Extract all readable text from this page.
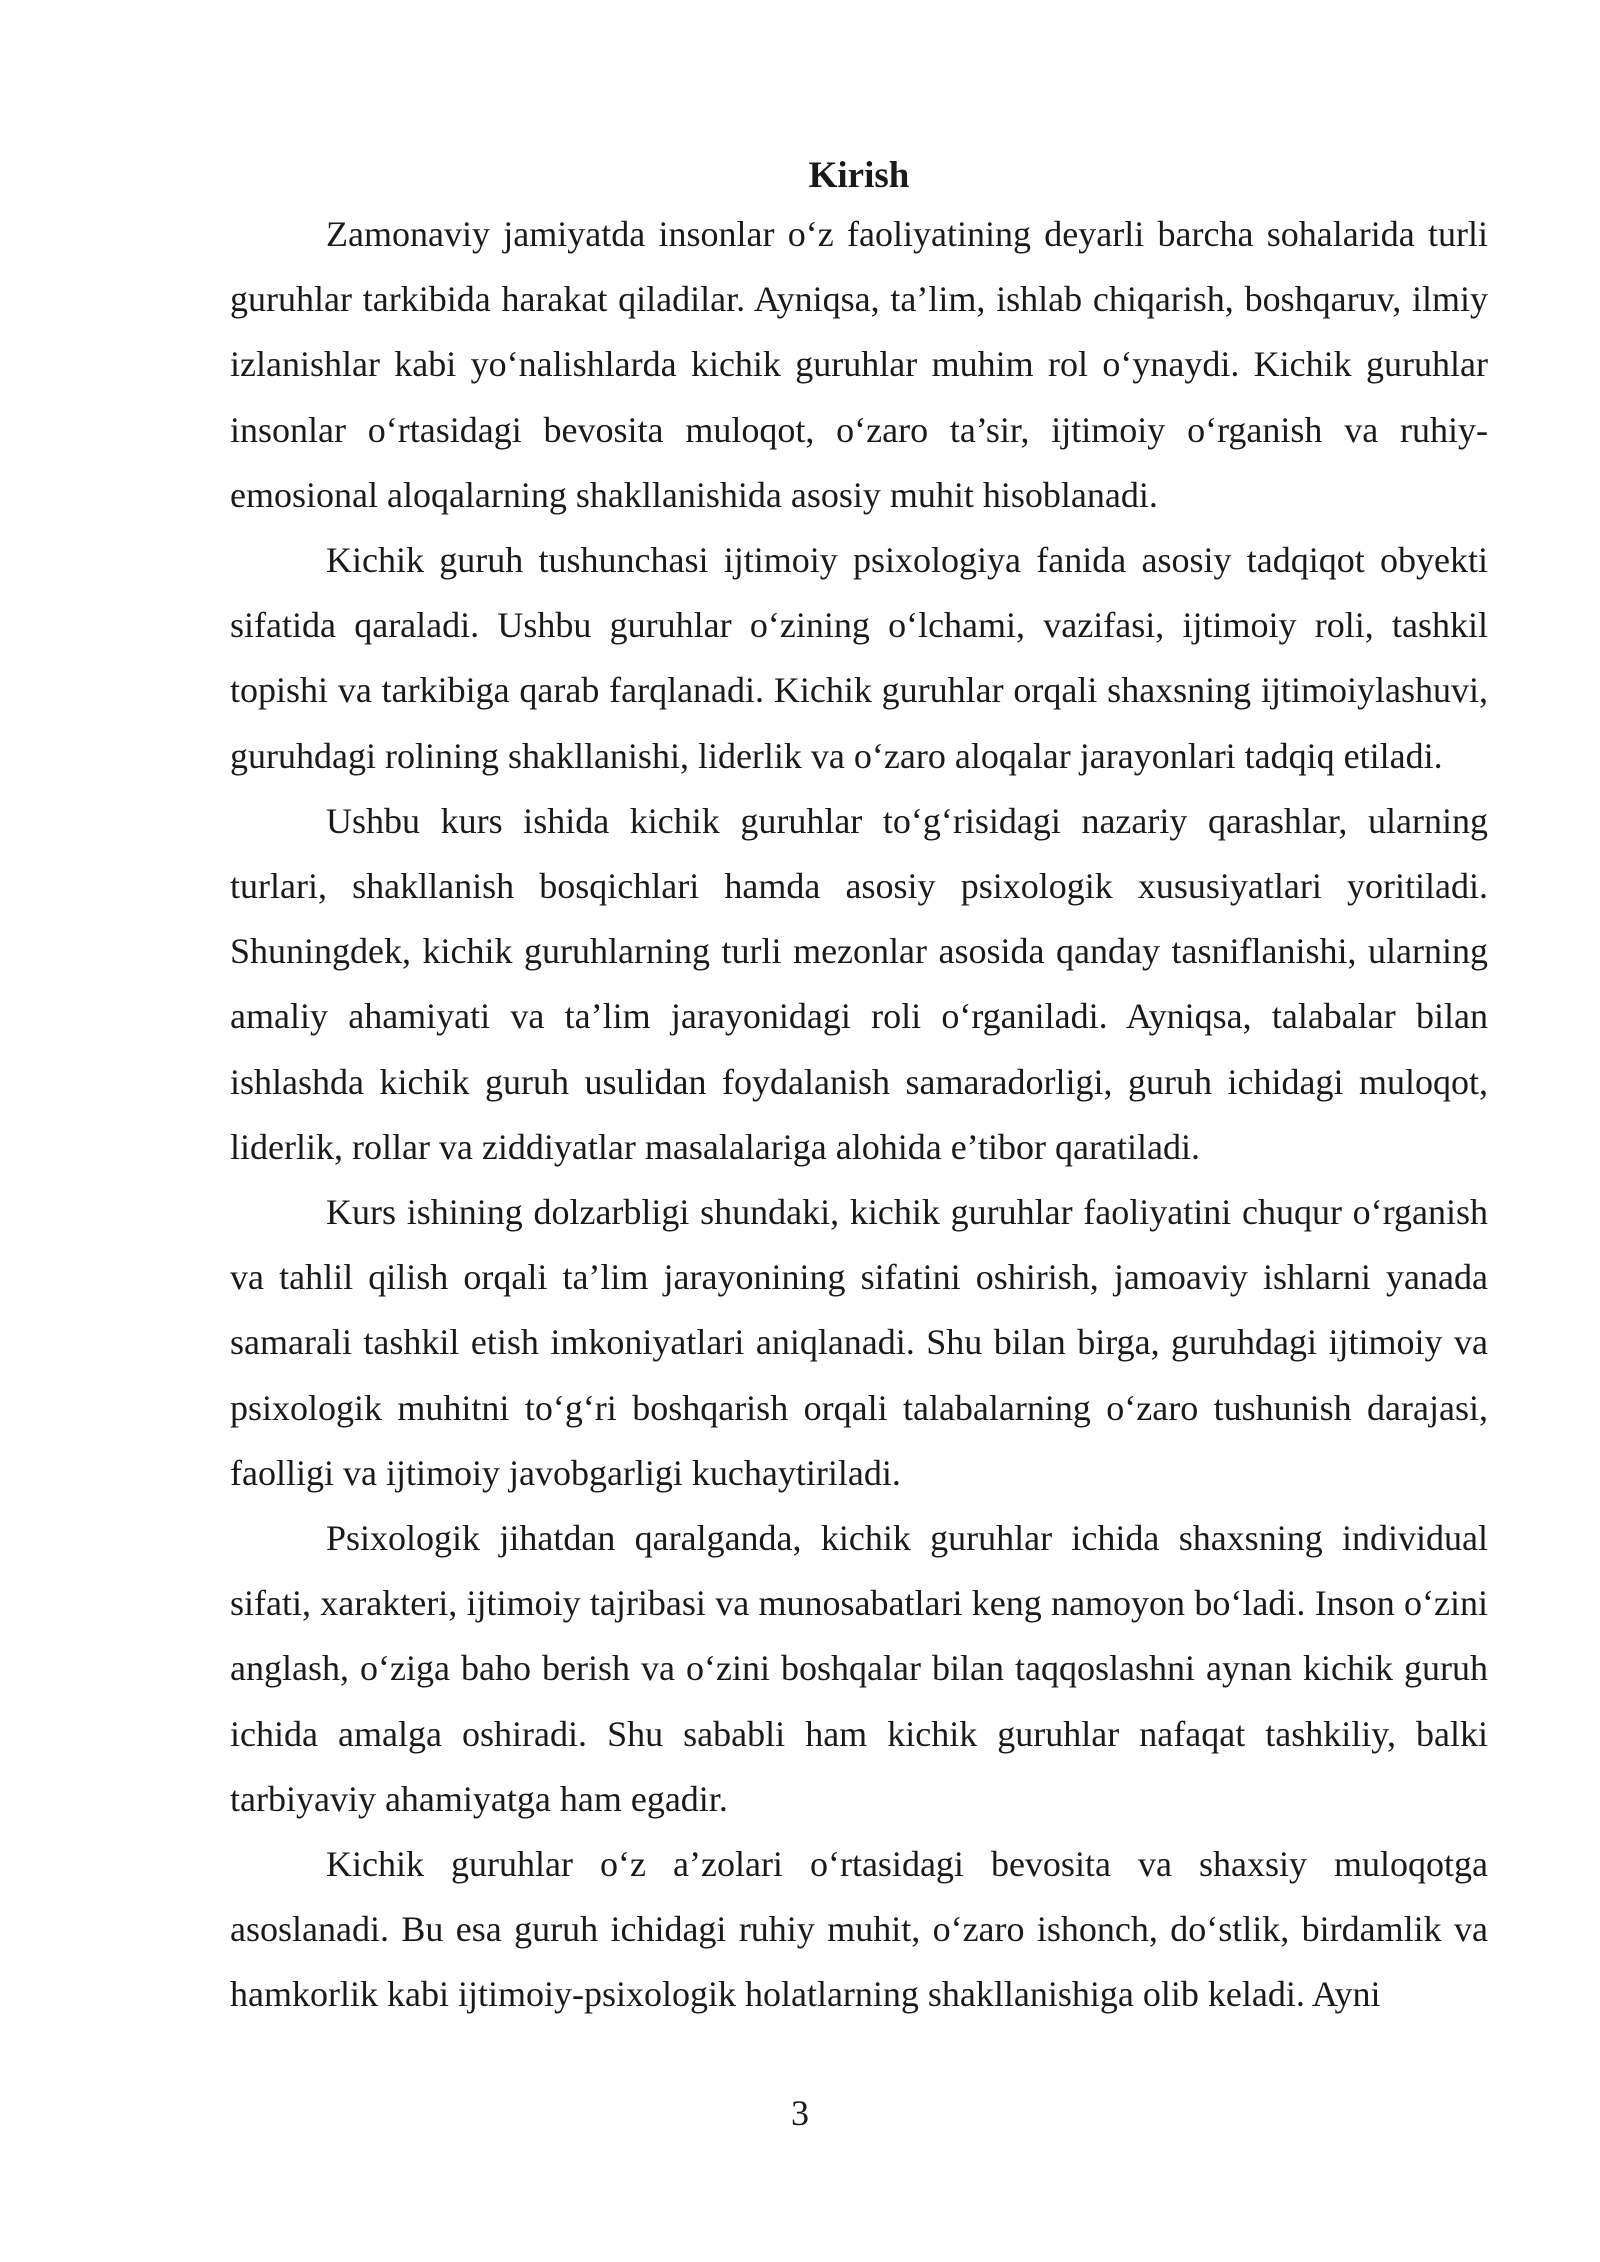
Kirish

Zamonaviy jamiyatda insonlar o‘z faoliyatining deyarli barcha sohalarida turli guruhlar tarkibida harakat qiladilar. Ayniqsa, ta’lim, ishlab chiqarish, boshqaruv, ilmiy izlanishlar kabi yo‘nalishlarda kichik guruhlar muhim rol o‘ynaydi. Kichik guruhlar insonlar o‘rtasidagi bevosita muloqot, o‘zaro ta’sir, ijtimoiy o‘rganish va ruhiy-emosional aloqalarning shakllanishida asosiy muhit hisoblanadi.

Kichik guruh tushunchasi ijtimoiy psixologiya fanida asosiy tadqiqot obyekti sifatida qaraladi. Ushbu guruhlar o‘zining o‘lchami, vazifasi, ijtimoiy roli, tashkil topishi va tarkibiga qarab farqlanadi. Kichik guruhlar orqali shaxsning ijtimoiylashuvi, guruhdagi rolining shakllanishi, liderlik va o‘zaro aloqalar jarayonlari tadqiq etiladi.

Ushbu kurs ishida kichik guruhlar to‘g‘risidagi nazariy qarashlar, ularning turlari, shakllanish bosqichlari hamda asosiy psixologik xususiyatlari yoritiladi. Shuningdek, kichik guruhlarning turli mezonlar asosida qanday tasniflanishi, ularning amaliy ahamiyati va ta’lim jarayonidagi roli o‘rganiladi. Ayniqsa, talabalar bilan ishlashda kichik guruh usulidan foydalanish samaradorligi, guruh ichidagi muloqot, liderlik, rollar va ziddiyatlar masalalariga alohida e’tibor qaratiladi.

Kurs ishining dolzarbligi shundaki, kichik guruhlar faoliyatini chuqur o‘rganish va tahlil qilish orqali ta’lim jarayonining sifatini oshirish, jamoaviy ishlarni yanada samarali tashkil etish imkoniyatlari aniqlanadi. Shu bilan birga, guruhdagi ijtimoiy va psixologik muhitni to‘g‘ri boshqarish orqali talabalarning o‘zaro tushunish darajasi, faolligi va ijtimoiy javobgarligi kuchaytiriladi.

Psixologik jihatdan qaralganda, kichik guruhlar ichida shaxsning individual sifati, xarakteri, ijtimoiy tajribasi va munosabatlari keng namoyon bo‘ladi. Inson o‘zini anglash, o‘ziga baho berish va o‘zini boshqalar bilan taqqoslashni aynan kichik guruh ichida amalga oshiradi. Shu sababli ham kichik guruhlar nafaqat tashkiliy, balki tarbiyaviy ahamiyatga ham egadir.

Kichik guruhlar o‘z a’zolari o‘rtasidagi bevosita va shaxsiy muloqotga asoslanadi. Bu esa guruh ichidagi ruhiy muhit, o‘zaro ishonch, do‘stlik, birdamlik va hamkorlik kabi ijtimoiy-psixologik holatlarning shakllanishiga olib keladi. Ayni

3
